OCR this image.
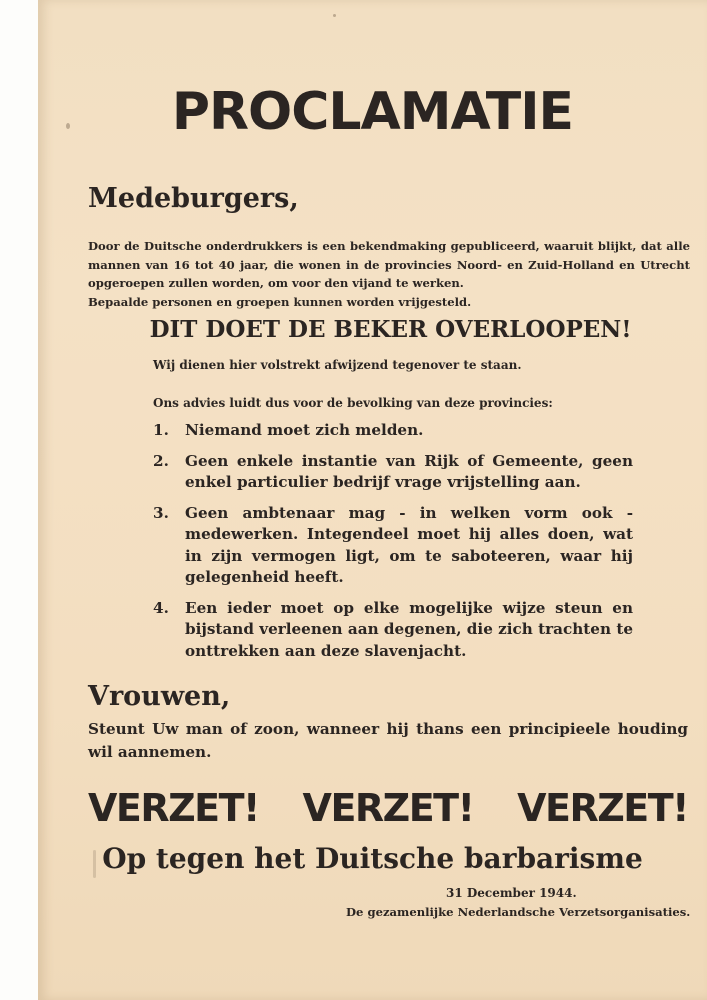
PROCLAMATIE
Medeburgers,

Door de Duitsche onderdrukkers is een bekendmaking gepubliceerd, waaruit blijkt, dat alle mannen van 16 tot 40 jaar, die wonen in de provincies Noord- en Zuid-Holland en Utrecht opgeroepen zullen worden, om voor den vijand te werken.

Bepaalde personen en groepen kunnen worden vrijgesteld.

DIT DOET DE BEKER OVERLOOPEN!
Wij dienen hier volstrekt afwijzend tegenover te staan.
Ons advies luidt dus voor de bevolking van deze provincies:
1.	Niemand moet zich melden.
2.	Geen enkele instantie van Rijk of Gemeente, geen enkel particulier bedrijf vrage vrijstelling aan.
3.	Geen ambtenaar mag - in welken vorm ook - medewerken. Integendeel moet hij alles doen, wat in zijn vermogen ligt, om te saboteeren, waar hij gelegenheid heeft.
4.	Een ieder moet op elke mogelijke wijze steun en bijstand verleenen aan degenen, die zich trachten te onttrekken aan deze slavenjacht.
Vrouwen,
Steunt Uw man of zoon, wanneer hij thans een principieele houding wil aannemen.
VERZET! VERZET! VERZET!
Op tegen het Duitsche barbarisme
31 December 1944.
De gezamenlijke Nederlandsche Verzetsorganisaties.
